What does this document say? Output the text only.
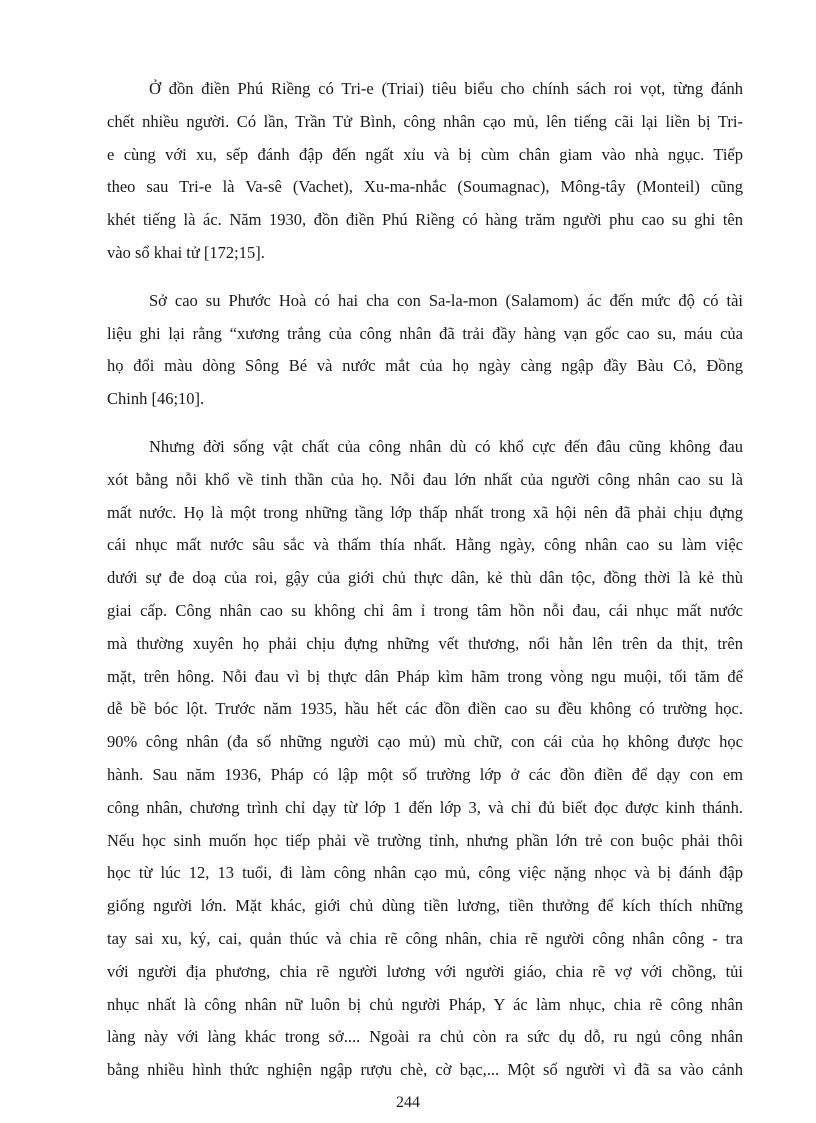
Ở đồn điền Phú Riềng có Tri-e (Triai) tiêu biểu cho chính sách roi vọt, từng đánh
chết nhiều người. Có lần, Trần Tử Bình, công nhân cạo mủ, lên tiếng cãi lại liền bị Tri-
e cùng với xu, sếp đánh đập đến ngất xỉu và bị cùm chân giam vào nhà ngục. Tiếp
theo sau Tri-e là Va-sê (Vachet), Xu-ma-nhắc (Soumagnac), Mông-tây (Monteil) cũng
khét tiếng là ác. Năm 1930, đồn điền Phú Riềng có hàng trăm người phu cao su ghi tên
vào sổ khai tử [172;15].

Sở cao su Phước Hoà có hai cha con Sa-la-mon (Salamom) ác đến mức độ có tài
liệu ghi lại rằng “xương trắng của công nhân đã trải đầy hàng vạn gốc cao su, máu của
họ đổi màu dòng Sông Bé và nước mắt của họ ngày càng ngập đầy Bàu Cỏ, Đồng
Chinh [46;10].

Nhưng đời sống vật chất của công nhân dù có khổ cực đến đâu cũng không đau
xót bằng nỗi khổ về tinh thần của họ. Nỗi đau lớn nhất của người công nhân cao su là
mất nước. Họ là một trong những tầng lớp thấp nhất trong xã hội nên đã phải chịu đựng
cái nhục mất nước sâu sắc và thấm thía nhất. Hằng ngày, công nhân cao su làm việc
dưới sự đe doạ của roi, gậy của giới chủ thực dân, kẻ thù dân tộc, đồng thời là kẻ thù
giai cấp. Công nhân cao su không chỉ âm ỉ trong tâm hồn nỗi đau, cái nhục mất nước
mà thường xuyên họ phải chịu đựng những vết thương, nổi hằn lên trên da thịt, trên
mặt, trên hông. Nỗi đau vì bị thực dân Pháp kìm hãm trong vòng ngu muội, tối tăm để
dễ bề bóc lột. Trước năm 1935, hầu hết các đồn điền cao su đều không có trường học.
90% công nhân (đa số những người cạo mủ) mù chữ, con cái của họ không được học
hành. Sau năm 1936, Pháp có lập một số trường lớp ở các đồn điền để dạy con em
công nhân, chương trình chỉ dạy từ lớp 1 đến lớp 3, và chỉ đủ biết đọc được kinh thánh.
Nếu học sinh muốn học tiếp phải về trường tỉnh, nhưng phần lớn trẻ con buộc phải thôi
học từ lúc 12, 13 tuổi, đi làm công nhân cạo mủ, công việc nặng nhọc và bị đánh đập
giống người lớn. Mặt khác, giới chủ dùng tiền lương, tiền thưởng để kích thích những
tay sai xu, ký, cai, quản thúc và chia rẽ công nhân, chia rẽ người công nhân công - tra
với người địa phương, chia rẽ người lương với người giáo, chia rẽ vợ với chồng, tủi
nhục nhất là công nhân nữ luôn bị chủ người Pháp, Y ác làm nhục, chia rẽ công nhân
làng này với làng khác trong sở.... Ngoài ra chủ còn ra sức dụ dỗ, ru ngủ công nhân
bằng nhiều hình thức nghiện ngập rượu chè, cờ bạc,... Một số người vì đã sa vào cảnh

244
